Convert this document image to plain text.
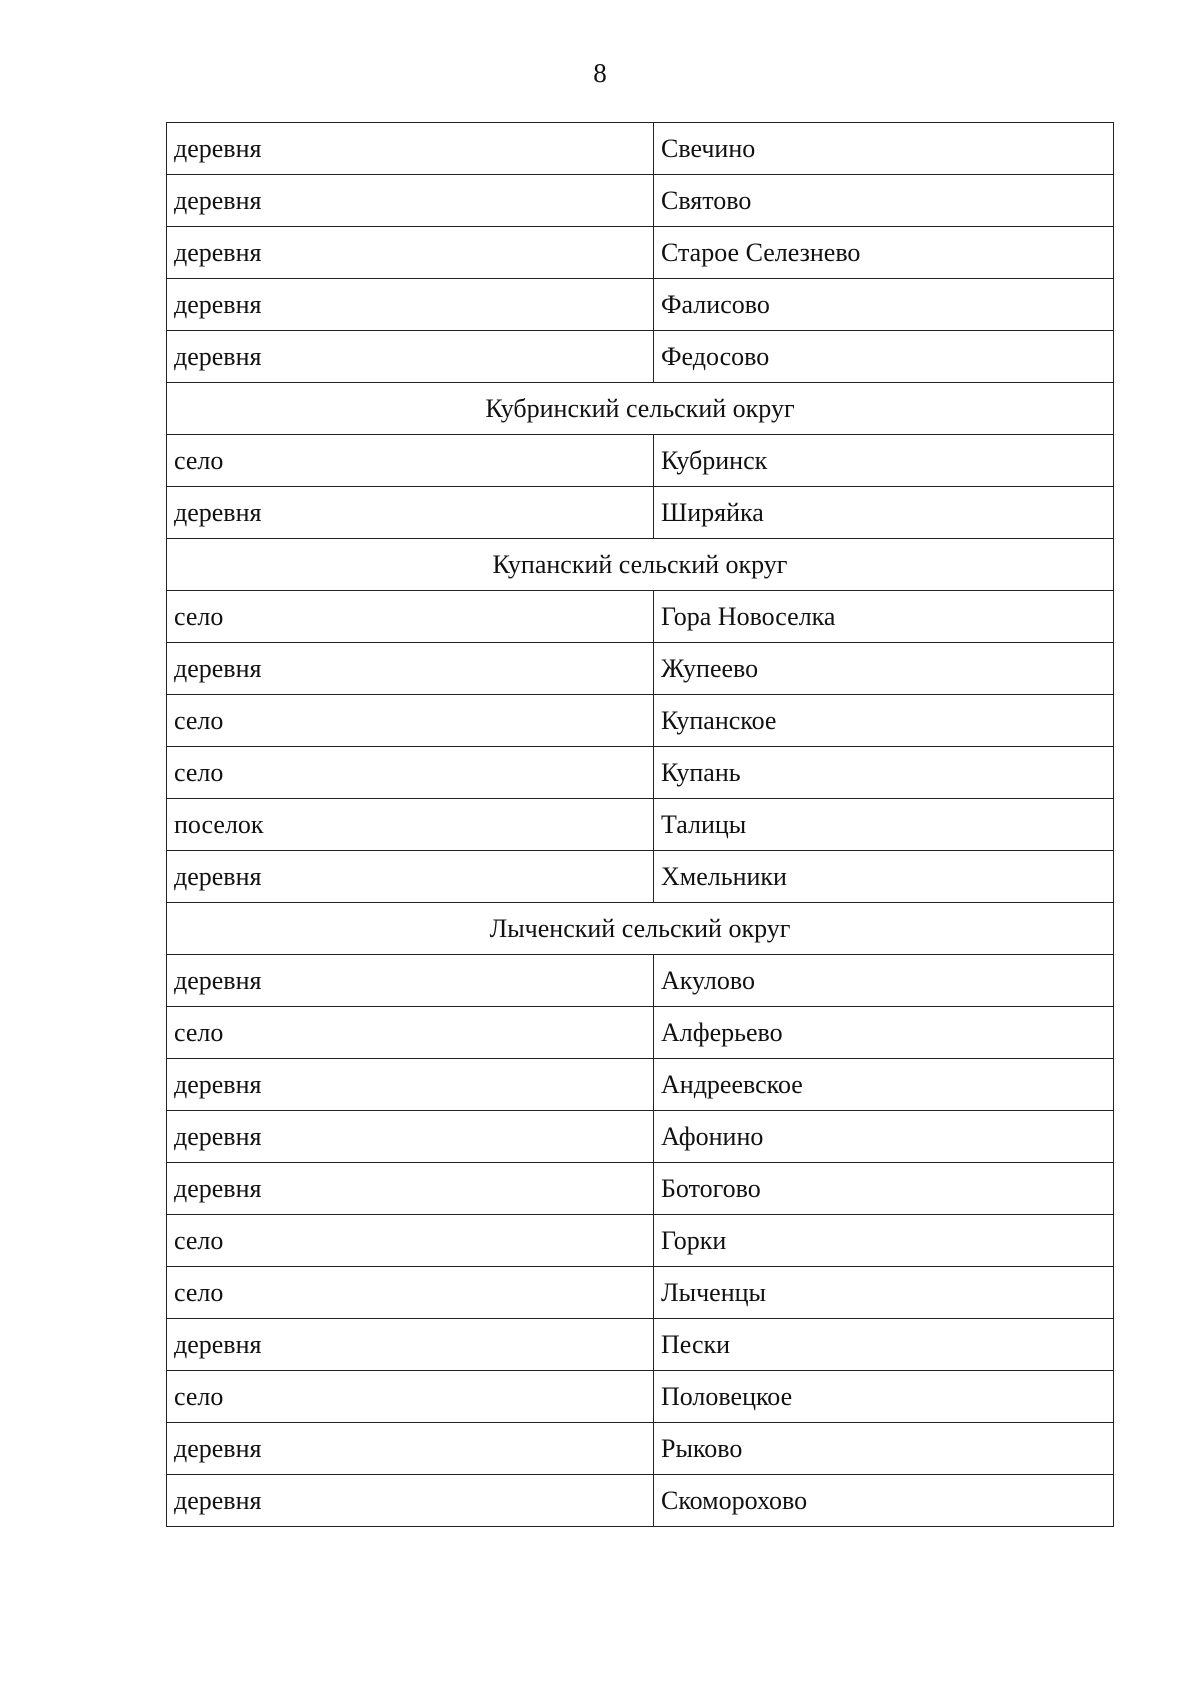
8
деревня	Свечино
деревня	Святово
деревня	Старое Селезнево
деревня	Фалисово
деревня	Федосово
Кубринский сельский округ	
село	Кубринск
деревня	Ширяйка
Купанский сельский округ	
село	Гора Новоселка
деревня	Жупеево
село	Купанское
село	Купань
поселок	Талицы
деревня	Хмельники
Лыченский сельский округ	
деревня	Акулово
село	Алферьево
деревня	Андреевское
деревня	Афонино
деревня	Ботогово
село	Горки
село	Лыченцы
деревня	Пески
село	Половецкое
деревня	Рыково
деревня	Скоморохово
